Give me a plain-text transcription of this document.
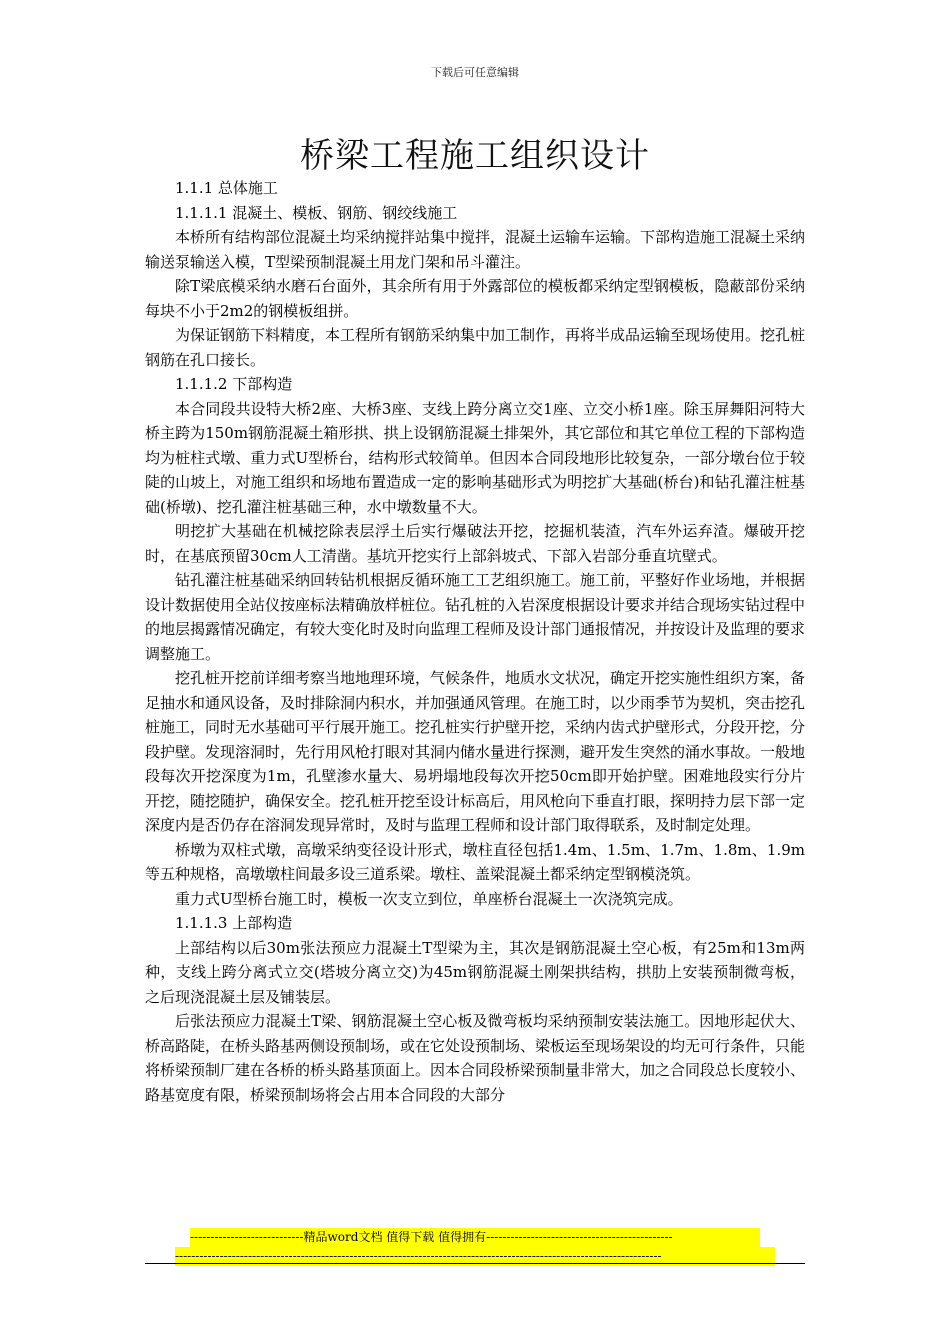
下载后可任意编辑
桥梁工程施工组织设计

1.1.1 总体施工

1.1.1.1 混凝土、模板、钢筋、钢绞线施工

本桥所有结构部位混凝土均采纳搅拌站集中搅拌，混凝土运输车运输。下部构造施工混凝土采纳输送泵输送入模，T型梁预制混凝土用龙门架和吊斗灌注。

除T梁底模采纳水磨石台面外，其余所有用于外露部位的模板都采纳定型钢模板，隐蔽部份采纳每块不小于2m2的钢模板组拼。

为保证钢筋下料精度，本工程所有钢筋采纳集中加工制作，再将半成品运输至现场使用。挖孔桩钢筋在孔口接长。

1.1.1.2 下部构造

本合同段共设特大桥2座、大桥3座、支线上跨分离立交1座、立交小桥1座。除玉屏舞阳河特大桥主跨为150m钢筋混凝土箱形拱、拱上设钢筋混凝土排架外，其它部位和其它单位工程的下部构造均为桩柱式墩、重力式U型桥台，结构形式较简单。但因本合同段地形比较复杂，一部分墩台位于较陡的山坡上，对施工组织和场地布置造成一定的影响基础形式为明挖扩大基础(桥台)和钻孔灌注桩基础(桥墩)、挖孔灌注桩基础三种，水中墩数量不大。

明挖扩大基础在机械挖除表层浮土后实行爆破法开挖，挖掘机装渣，汽车外运弃渣。爆破开挖时，在基底预留30cm人工清凿。基坑开挖实行上部斜坡式、下部入岩部分垂直坑壁式。

钻孔灌注桩基础采纳回转钻机根据反循环施工工艺组织施工。施工前，平整好作业场地，并根据设计数据使用全站仪按座标法精确放样桩位。钻孔桩的入岩深度根据设计要求并结合现场实钻过程中的地层揭露情况确定，有较大变化时及时向监理工程师及设计部门通报情况，并按设计及监理的要求调整施工。

挖孔桩开挖前详细考察当地地理环境，气候条件，地质水文状况，确定开挖实施性组织方案，备足抽水和通风设备，及时排除洞内积水，并加强通风管理。在施工时，以少雨季节为契机，突击挖孔桩施工，同时无水基础可平行展开施工。挖孔桩实行护壁开挖，采纳内齿式护壁形式，分段开挖，分段护壁。发现溶洞时，先行用风枪打眼对其洞内储水量进行探测，避开发生突然的涌水事故。一般地段每次开挖深度为1m，孔壁渗水量大、易坍塌地段每次开挖50cm即开始护壁。困难地段实行分片开挖，随挖随护，确保安全。挖孔桩开挖至设计标高后，用风枪向下垂直打眼，探明持力层下部一定深度内是否仍存在溶洞发现异常时，及时与监理工程师和设计部门取得联系，及时制定处理。

桥墩为双柱式墩，高墩采纳变径设计形式，墩柱直径包括1.4m、1.5m、1.7m、1.8m、1.9m等五种规格，高墩墩柱间最多设三道系梁。墩柱、盖梁混凝土都采纳定型钢模浇筑。

重力式U型桥台施工时，模板一次支立到位，单座桥台混凝土一次浇筑完成。

1.1.1.3 上部构造

上部结构以后30m张法预应力混凝土T型梁为主，其次是钢筋混凝土空心板，有25m和13m两种，支线上跨分离式立交(塔坡分离立交)为45m钢筋混凝土刚架拱结构，拱肋上安装预制微弯板，之后现浇混凝土层及铺装层。

后张法预应力混凝土T梁、钢筋混凝土空心板及微弯板均采纳预制安装法施工。因地形起伏大、桥高路陡，在桥头路基两侧设预制场，或在它处设预制场、梁板运至现场架设的均无可行条件，只能将桥梁预制厂建在各桥的桥头路基顶面上。因本合同段桥梁预制量非常大，加之合同段总长度较小、路基宽度有限，桥梁预制场将会占用本合同段的大部分

----------------------------精品word文档 值得下载 值得拥有----------------------------------------------
------------------------------------------------------------------------------------------------------------------------
